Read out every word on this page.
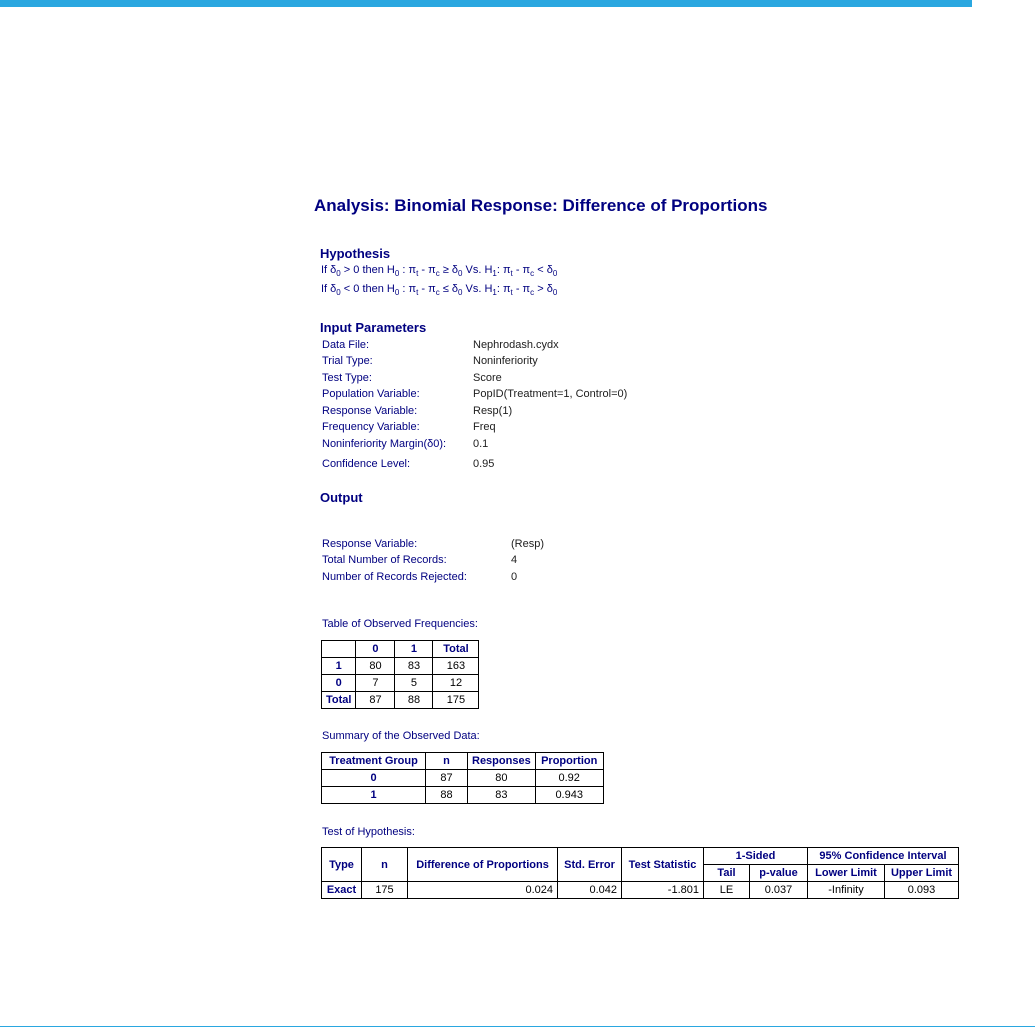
Analysis: Binomial Response: Difference of Proportions
Hypothesis
If $\delta_0 > 0$ then $H_0$ : $\pi_t - \pi_c \ge \delta_0$ Vs. $H_1$: $\pi_t - \pi_c < \delta_0$
If $\delta_0 < 0$ then $H_0$ : $\pi_t - \pi_c \le \delta_0$ Vs. $H_1$: $\pi_t - \pi_c > \delta_0$
Input Parameters
Data File:	Nephrodash.cydx
Trial Type:	Noninferiority
Test Type:	Score
Population Variable:	PopID(Treatment=1, Control=0)
Response Variable:	Resp(1)
Frequency Variable:	Freq
Noninferiority Margin(δ0): 0.1
Confidence Level:	0.95
Output
Response Variable:	(Resp)
Total Number of Records:	4
Number of Records Rejected:	0
Table of Observed Frequencies:
	0	1	Total
1	80	83	163
0	7	5	12
Total	87	88	175
Summary of the Observed Data:
Treatment Group	n	Responses	Proportion
0	87	80	0.92
1	88	83	0.943
Test of Hypothesis:
Type	n	Difference of Proportions	Std. Error	Test Statistic	1-Sided		95% Confidence Interval	
					Tail	p-value	Lower Limit	Upper Limit
Exact	175	0.024	0.042	-1.801	LE	0.037	-Infinity	0.093
